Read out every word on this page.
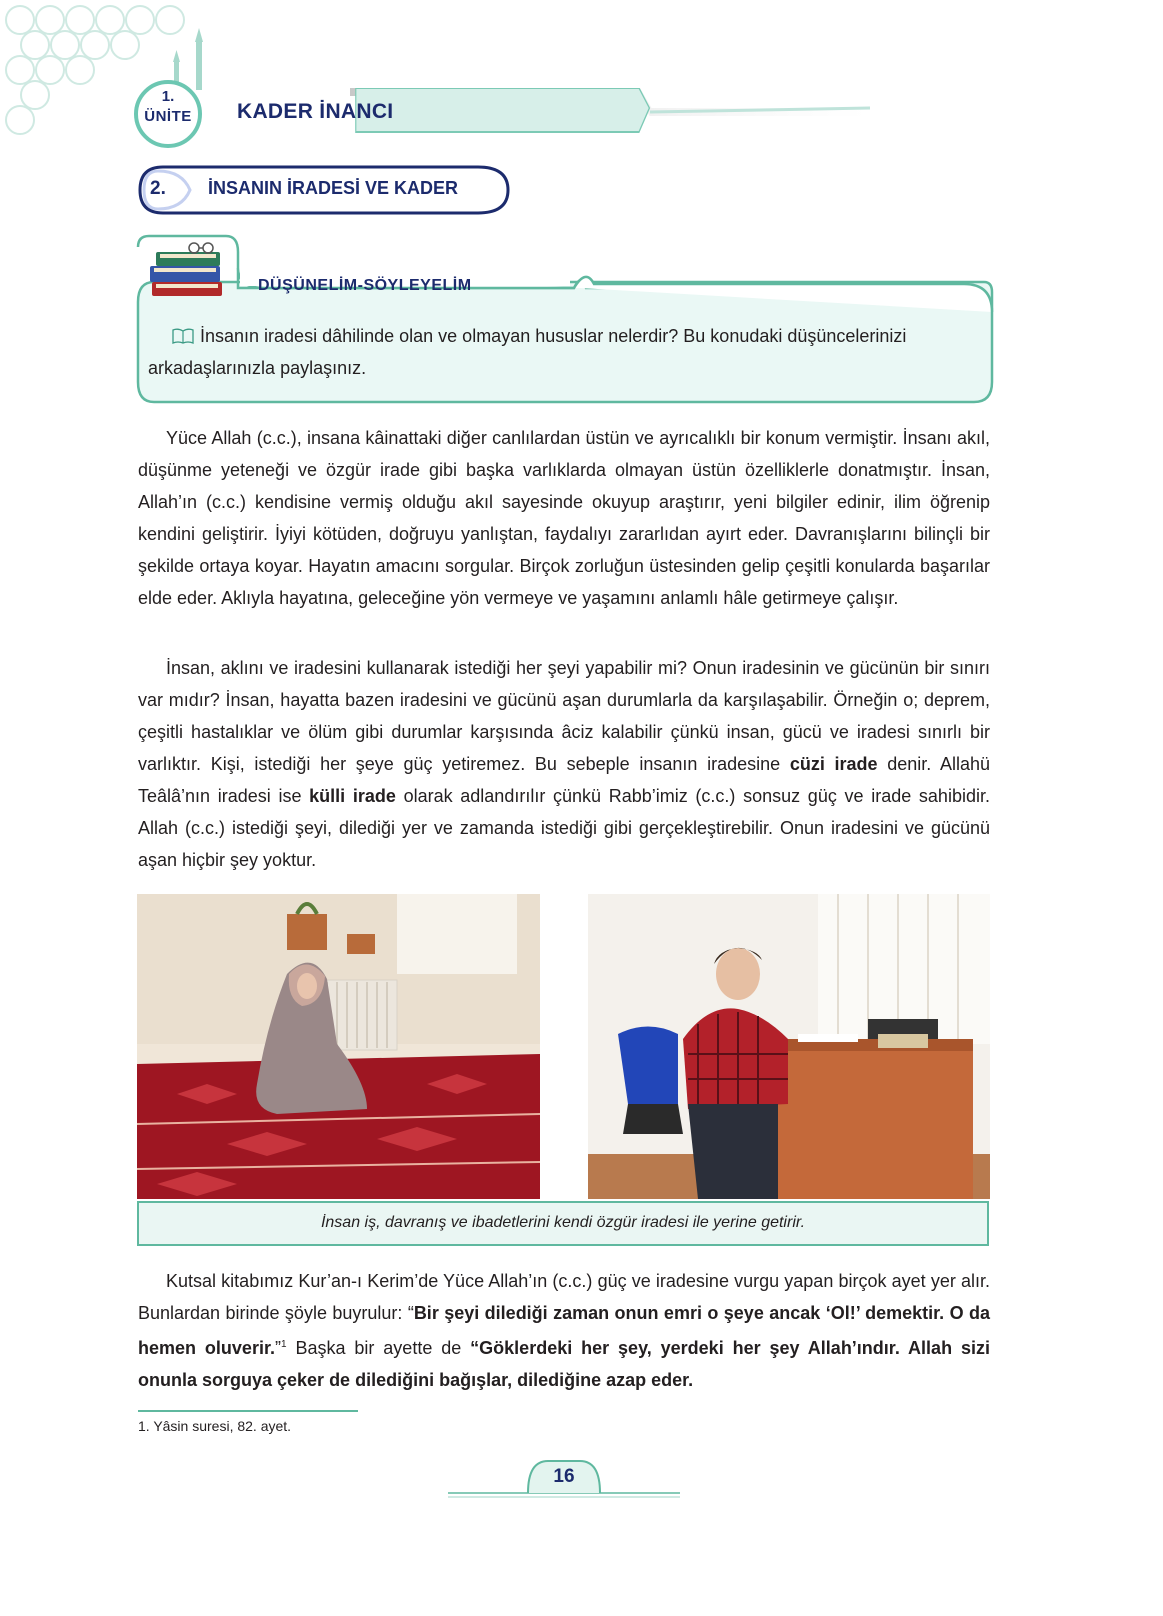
1.
ÜNİTE KADER İNANCI
2. İNSANIN İRADESİ VE KADER
DÜŞÜNELİM-SÖYLEYELİM
İnsanın iradesi dâhilinde olan ve olmayan hususlar nelerdir? Bu konudaki düşüncelerinizi arkadaşlarınızla paylaşınız.

Yüce Allah (c.c.), insana kâinattaki diğer canlılardan üstün ve ayrıcalıklı bir konum vermiştir. İnsanı akıl, düşünme yeteneği ve özgür irade gibi başka varlıklarda olmayan üstün özelliklerle donatmıştır. İnsan, Allah’ın (c.c.) kendisine vermiş olduğu akıl sayesinde okuyup araştırır, yeni bilgiler edinir, ilim öğrenip kendini geliştirir. İyiyi kötüden, doğruyu yanlıştan, faydalıyı zararlıdan ayırt eder. Davranışlarını bilinçli bir şekilde ortaya koyar. Hayatın amacını sorgular. Birçok zorluğun üstesinden gelip çeşitli konularda başarılar elde eder. Aklıyla hayatına, geleceğine yön vermeye ve yaşamını anlamlı hâle getirmeye çalışır.

İnsan, aklını ve iradesini kullanarak istediği her şeyi yapabilir mi? Onun iradesinin ve gücünün bir sınırı var mıdır? İnsan, hayatta bazen iradesini ve gücünü aşan durumlarla da karşılaşabilir. Örneğin o; deprem, çeşitli hastalıklar ve ölüm gibi durumlar karşısında âciz kalabilir çünkü insan, gücü ve iradesi sınırlı bir varlıktır. Kişi, istediği her şeye güç yetiremez. Bu sebeple insanın iradesine cüzi irade denir. Allahü Teâlâ’nın iradesi ise külli irade olarak adlandırılır çünkü Rabb’imiz (c.c.) sonsuz güç ve irade sahibidir. Allah (c.c.) istediği şeyi, dilediği yer ve zamanda istediği gibi gerçekleştirebilir. Onun iradesini ve gücünü aşan hiçbir şey yoktur.

İnsan iş, davranış ve ibadetlerini kendi özgür iradesi ile yerine getirir.

Kutsal kitabımız Kur’an-ı Kerim’de Yüce Allah’ın (c.c.) güç ve iradesine vurgu yapan birçok ayet yer alır. Bunlardan birinde şöyle buyrulur: “Bir şeyi dilediği zaman onun emri o şeye ancak ‘Ol!’ demektir. O da hemen oluverir.”$^1$ Başka bir ayette de “Göklerdeki her şey, yerdeki her şey Allah’ındır. Allah sizi onunla sorguya çeker de dilediğini bağışlar, dilediğine azap eder.

1. Yâsin suresi, 82. ayet.
16
